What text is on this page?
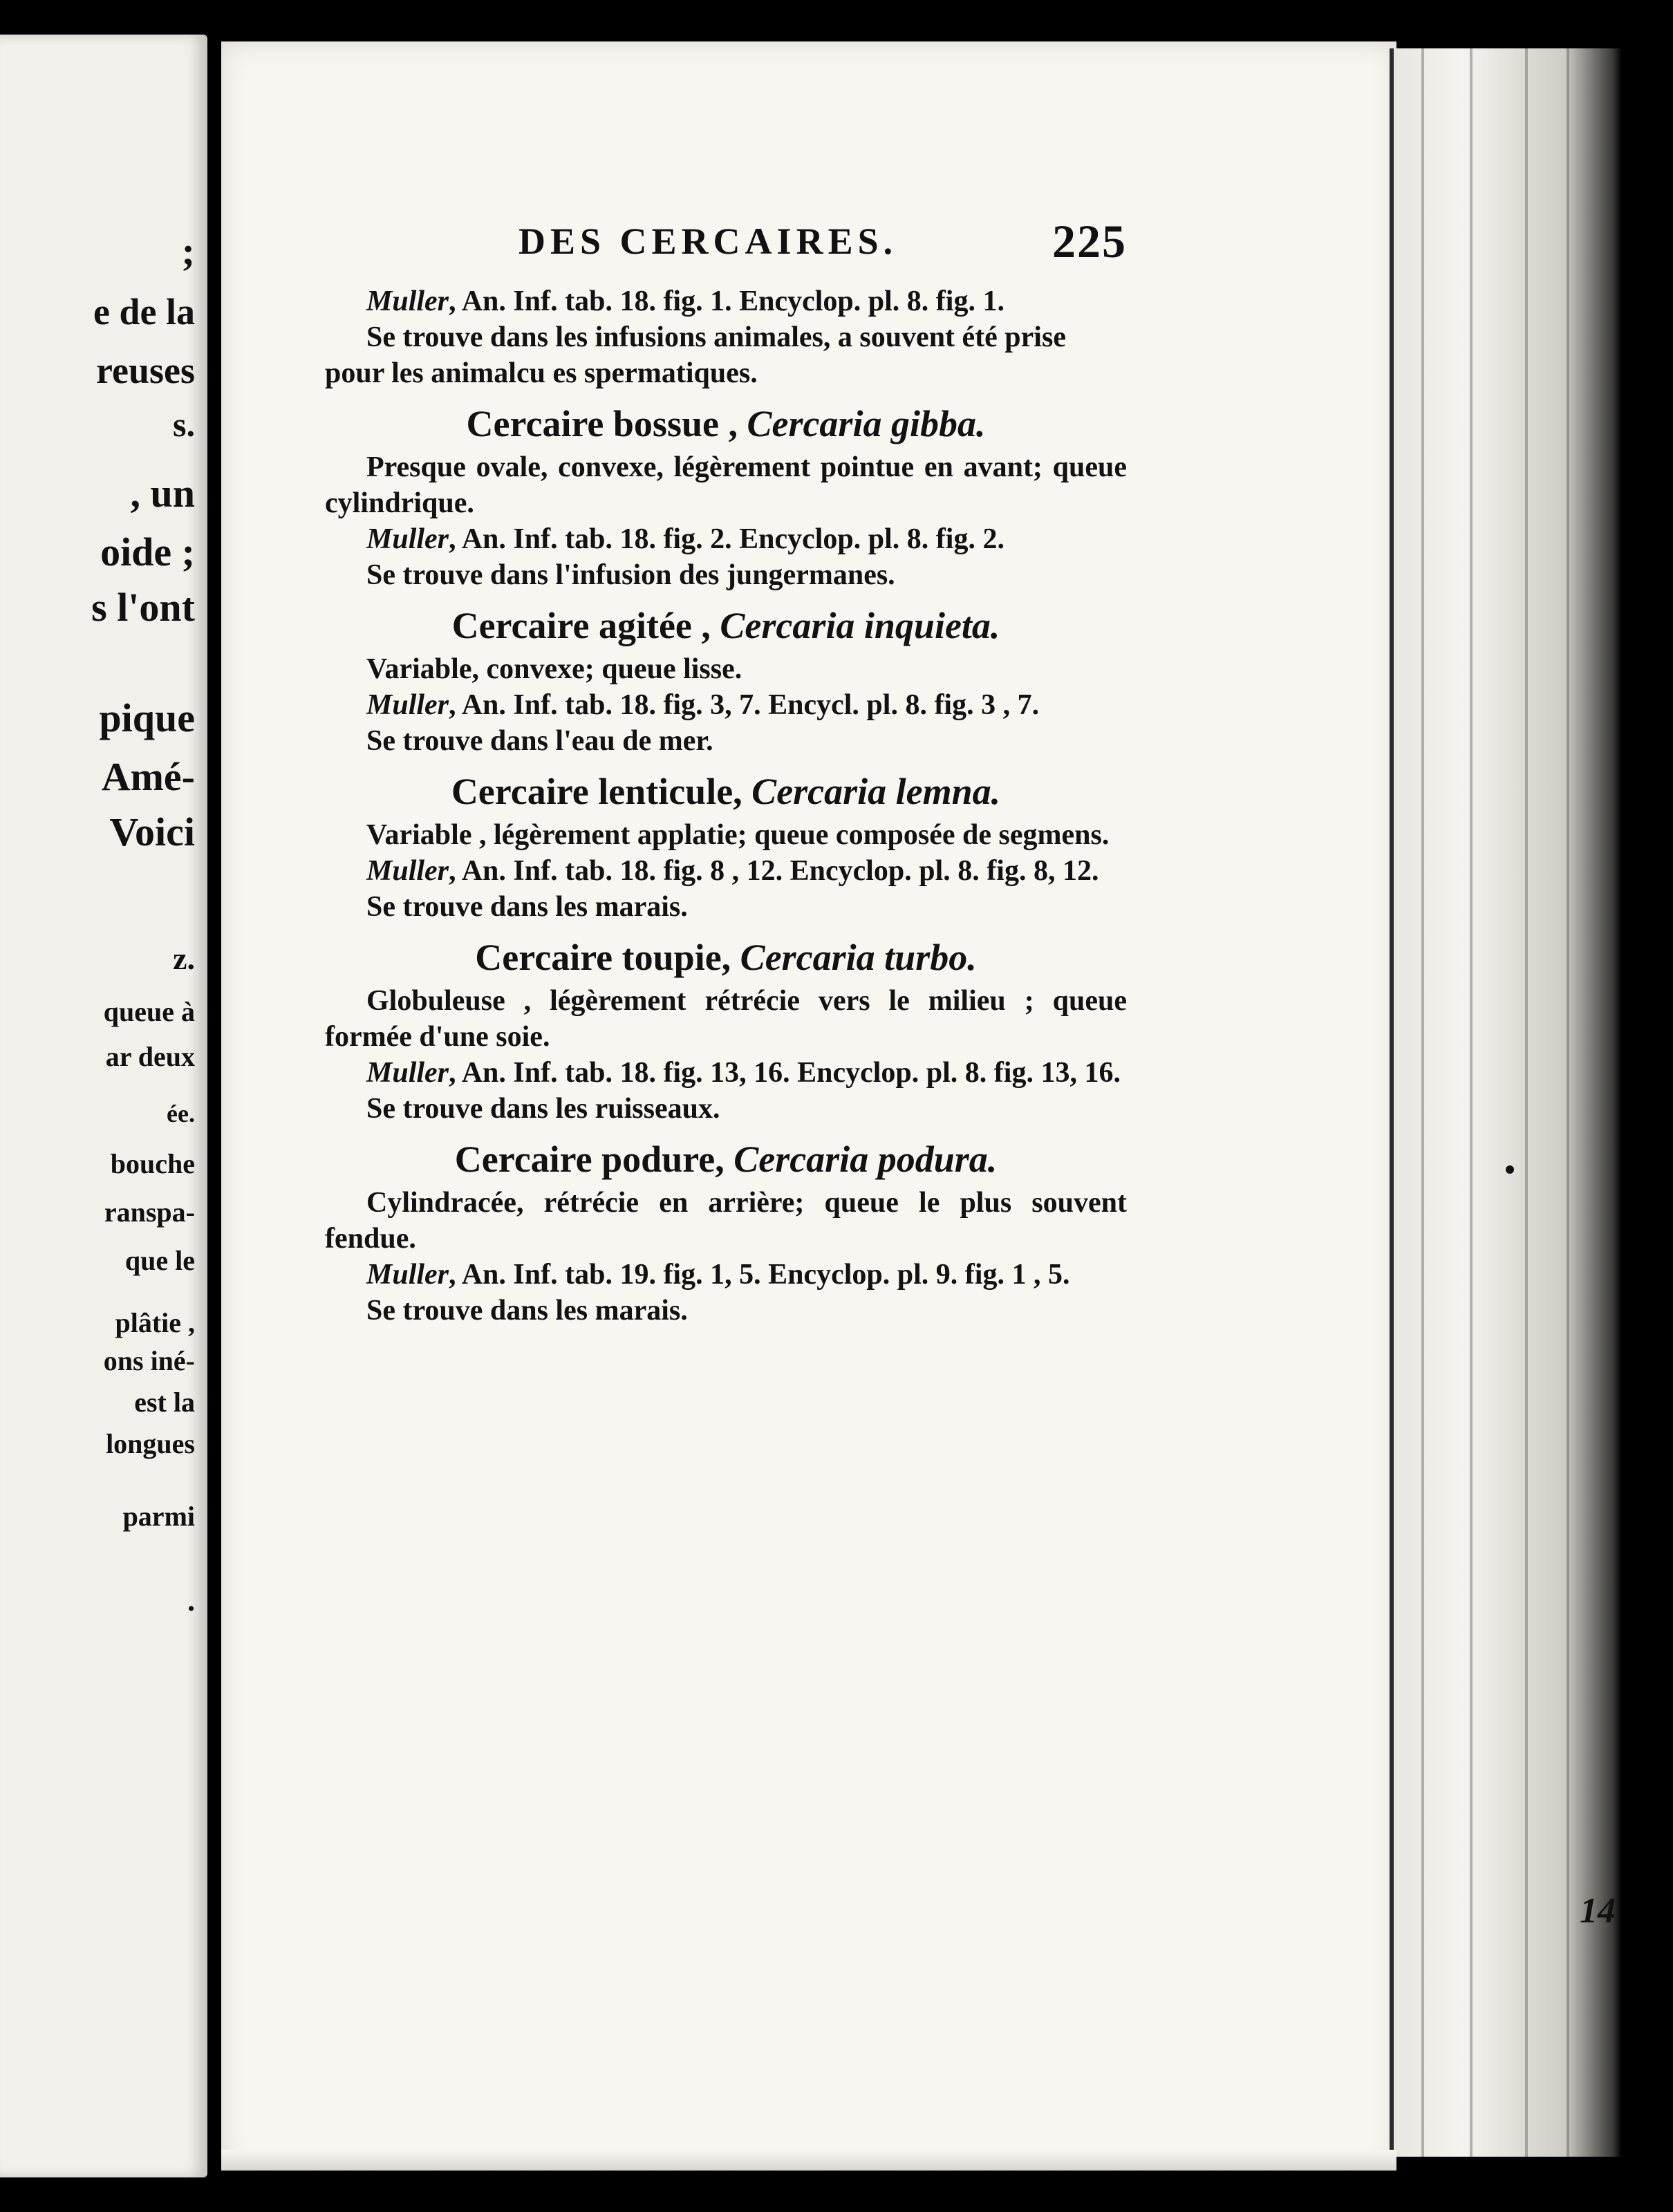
;
e de la
reuses
s.
, un
oide ;
s l'ont
pique
Amé-
Voici
z.
queue à
ar deux
ée.
bouche
ranspa-
que le
plâtie ,
ons iné-
est la
longues
parmi
.
14
DES CERCAIRES.	225

Muller, An. Inf. tab. 18. fig. 1. Encyclop. pl. 8. fig. 1.

Se trouve dans les infusions animales, a souvent été prise pour les animalcu es spermatiques.

Cercaire bossue , Cercaria gibba.

Presque ovale, convexe, légèrement pointue en avant; queue cylindrique.

Muller, An. Inf. tab. 18. fig. 2. Encyclop. pl. 8. fig. 2.

Se trouve dans l'infusion des jungermanes.

Cercaire agitée , Cercaria inquieta.

Variable, convexe; queue lisse.

Muller, An. Inf. tab. 18. fig. 3, 7. Encycl. pl. 8. fig. 3 , 7.

Se trouve dans l'eau de mer.

Cercaire lenticule, Cercaria lemna.

Variable , légèrement applatie; queue composée de segmens.

Muller, An. Inf. tab. 18. fig. 8 , 12. Encyclop. pl. 8. fig. 8, 12.

Se trouve dans les marais.

Cercaire toupie, Cercaria turbo.

Globuleuse , légèrement rétrécie vers le milieu ; queue formée d'une soie.

Muller, An. Inf. tab. 18. fig. 13, 16. Encyclop. pl. 8. fig. 13, 16.

Se trouve dans les ruisseaux.

Cercaire podure, Cercaria podura.

Cylindracée, rétrécie en arrière; queue le plus souvent fendue.

Muller, An. Inf. tab. 19. fig. 1, 5. Encyclop. pl. 9. fig. 1 , 5.

Se trouve dans les marais.
